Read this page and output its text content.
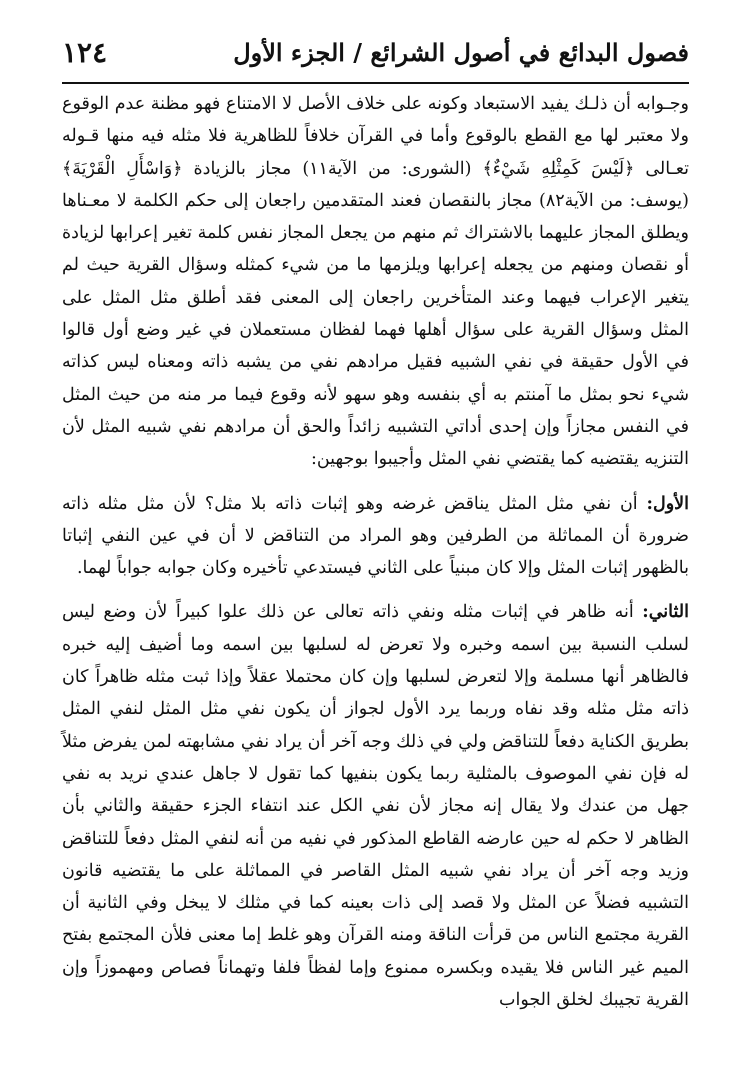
فصول البدائع في أصول الشرائع / الجزء الأول
١٢٤

وجـوابه أن ذلـك يفيد الاستبعاد وكونه على خلاف الأصل لا الامتناع فهو مظنة عدم الوقوع ولا معتبر لها مع القطع بالوقوع وأما في القرآن خلافاً للظاهرية فلا مثله فيه منها قـوله تعـالى ﴿لَيْسَ كَمِثْلِهِ شَيْءٌ﴾ (الشورى: من الآية١١) مجاز بالزيادة ﴿وَاسْأَلِ الْقَرْيَةَ﴾ (يوسف: من الآية٨٢) مجاز بالنقصان فعند المتقدمين راجعان إلى حكم الكلمة لا معـناها ويطلق المجاز عليهما بالاشتراك ثم منهم من يجعل المجاز نفس كلمة تغير إعرابها لزيادة أو نقصان ومنهم من يجعله إعرابها ويلزمها ما من شيء كمثله وسؤال القرية حيث لم يتغير الإعراب فيهما وعند المتأخرين راجعان إلى المعنى فقد أطلق مثل المثل على المثل وسؤال القرية على سؤال أهلها فهما لفظان مستعملان في غير وضع أول قالوا في الأول حقيقة في نفي الشبيه فقيل مرادهم نفي من يشبه ذاته ومعناه ليس كذاته شيء نحو بمثل ما آمنتم به أي بنفسه وهو سهو لأنه وقوع فيما مر منه من حيث المثل في النفس مجازاً وإن إحدى أداتي التشبيه زائداً والحق أن مرادهم نفي شبيه المثل لأن التنزيه يقتضيه كما يقتضي نفي المثل وأجيبوا بوجهين:

الأول: أن نفي مثل المثل يناقض غرضه وهو إثبات ذاته بلا مثل؟ لأن مثل مثله ذاته ضرورة أن المماثلة من الطرفين وهو المراد من التناقض لا أن في عين النفي إثباتا بالظهور إثبات المثل وإلا كان مبنياً على الثاني فيستدعي تأخيره وكان جوابه جواباً لهما.

الثاني: أنه ظاهر في إثبات مثله ونفي ذاته تعالى عن ذلك علوا كبيراً لأن وضع ليس لسلب النسبة بين اسمه وخبره ولا تعرض له لسلبها بين اسمه وما أضيف إليه خبره فالظاهر أنها مسلمة وإلا لتعرض لسلبها وإن كان محتملا عقلاً وإذا ثبت مثله ظاهراً كان ذاته مثل مثله وقد نفاه وربما يرد الأول لجواز أن يكون نفي مثل المثل لنفي المثل بطريق الكناية دفعاً للتناقض ولي في ذلك وجه آخر أن يراد نفي مشابهته لمن يفرض مثلاً له فإن نفي الموصوف بالمثلية ربما يكون بنفيها كما تقول لا جاهل عندي نريد به نفي جهل من عندك ولا يقال إنه مجاز لأن نفي الكل عند انتفاء الجزء حقيقة والثاني بأن الظاهر لا حكم له حين عارضه القاطع المذكور في نفيه من أنه لنفي المثل دفعاً للتناقض وزيد وجه آخر أن يراد نفي شبيه المثل القاصر في المماثلة على ما يقتضيه قانون التشبيه فضلاً عن المثل ولا قصد إلى ذات بعينه كما في مثلك لا يبخل وفي الثانية أن القرية مجتمع الناس من قرأت الناقة ومنه القرآن وهو غلط إما معنى فلأن المجتمع بفتح الميم غير الناس فلا يقيده وبكسره ممنوع وإما لفظاً فلفا وتهماناً فصاص ومهموزاً وإن القرية تجيبك لخلق الجواب
